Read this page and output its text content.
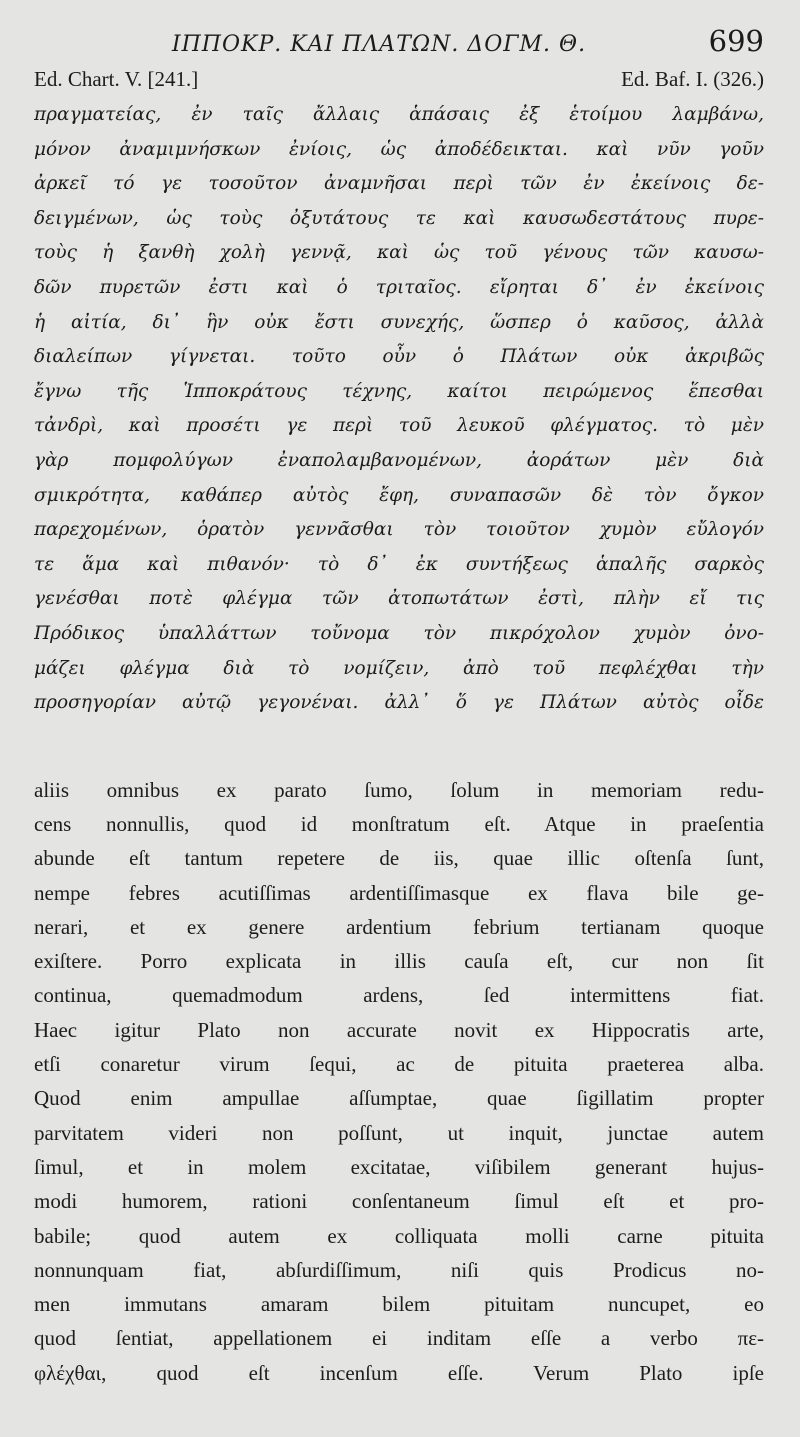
ΙΠΠΟΚΡ. ΚΑΙ ΠΛΑΤΩΝ. ΔΟΓΜ. Θ.	699
Ed. Chart. V. [241.]	Ed. Baf. I. (326.)
πραγματείας, ἐν ταῖς ἄλλαις ἁπάσαις ἐξ ἑτοίμου λαμβάνω,
μόνον ἀναμιμνήσκων ἐνίοις, ὡς ἀποδέδεικται. καὶ νῦν γοῦν
ἀρκεῖ τό γε τοσοῦτον ἀναμνῆσαι περὶ τῶν ἐν ἐκείνοις δε-
δειγμένων, ὡς τοὺς ὀξυτάτους τε καὶ καυσωδεστάτους πυρε-
τοὺς ἡ ξανθὴ χολὴ γεννᾷ, καὶ ὡς τοῦ γένους τῶν καυσω-
δῶν πυρετῶν ἐστι καὶ ὁ τριταῖος. εἴρηται δ᾽ ἐν ἐκείνοις
ἡ αἰτία, δι᾽ ἣν οὐκ ἔστι συνεχής, ὥσπερ ὁ καῦσος, ἀλλὰ
διαλείπων γίγνεται. τοῦτο οὖν ὁ Πλάτων οὐκ ἀκριβῶς
ἔγνω τῆς Ἱπποκράτους τέχνης, καίτοι πειρώμενος ἕπεσθαι
τἀνδρὶ, καὶ προσέτι γε περὶ τοῦ λευκοῦ φλέγματος. τὸ μὲν
γὰρ πομφολύγων ἐναπολαμβανομένων, ἀοράτων μὲν διὰ
σμικρότητα, καθάπερ αὐτὸς ἔφη, συναπασῶν δὲ τὸν ὄγκον
παρεχομένων, ὁρατὸν γεννᾶσθαι τὸν τοιοῦτον χυμὸν εὔλογόν
τε ἅμα καὶ πιθανόν· τὸ δ᾽ ἐκ συντήξεως ἁπαλῆς σαρκὸς
γενέσθαι ποτὲ φλέγμα τῶν ἀτοπωτάτων ἐστὶ, πλὴν εἴ τις
Πρόδικος ὑπαλλάττων τοὔνομα τὸν πικρόχολον χυμὸν ὀνο-
μάζει φλέγμα διὰ τὸ νομίζειν, ἀπὸ τοῦ πεφλέχθαι τὴν
προσηγορίαν αὐτῷ γεγονέναι. ἀλλ᾽ ὅ γε Πλάτων αὐτὸς οἶδε
aliis omnibus ex parato ſumo, ſolum in memoriam redu-
cens nonnullis, quod id monſtratum eſt. Atque in praeſentia
abunde eſt tantum repetere de iis, quae illic oſtenſa ſunt,
nempe febres acutiſſimas ardentiſſimasque ex flava bile ge-
nerari, et ex genere ardentium febrium tertianam quoque
exiſtere. Porro explicata in illis cauſa eſt, cur non ſit
continua, quemadmodum ardens, ſed intermittens fiat.
Haec igitur Plato non accurate novit ex Hippocratis arte,
etſi conaretur virum ſequi, ac de pituita praeterea alba.
Quod enim ampullae aſſumptae, quae ſigillatim propter
parvitatem videri non poſſunt, ut inquit, junctae autem
ſimul, et in molem excitatae, viſibilem generant hujus-
modi humorem, rationi conſentaneum ſimul eſt et pro-
babile; quod autem ex colliquata molli carne pituita
nonnunquam fiat, abſurdiſſimum, niſi quis Prodicus no-
men immutans amaram bilem pituitam nuncupet, eo
quod ſentiat, appellationem ei inditam eſſe a verbo πε-
φλέχθαι, quod eſt incenſum eſſe. Verum Plato ipſe
